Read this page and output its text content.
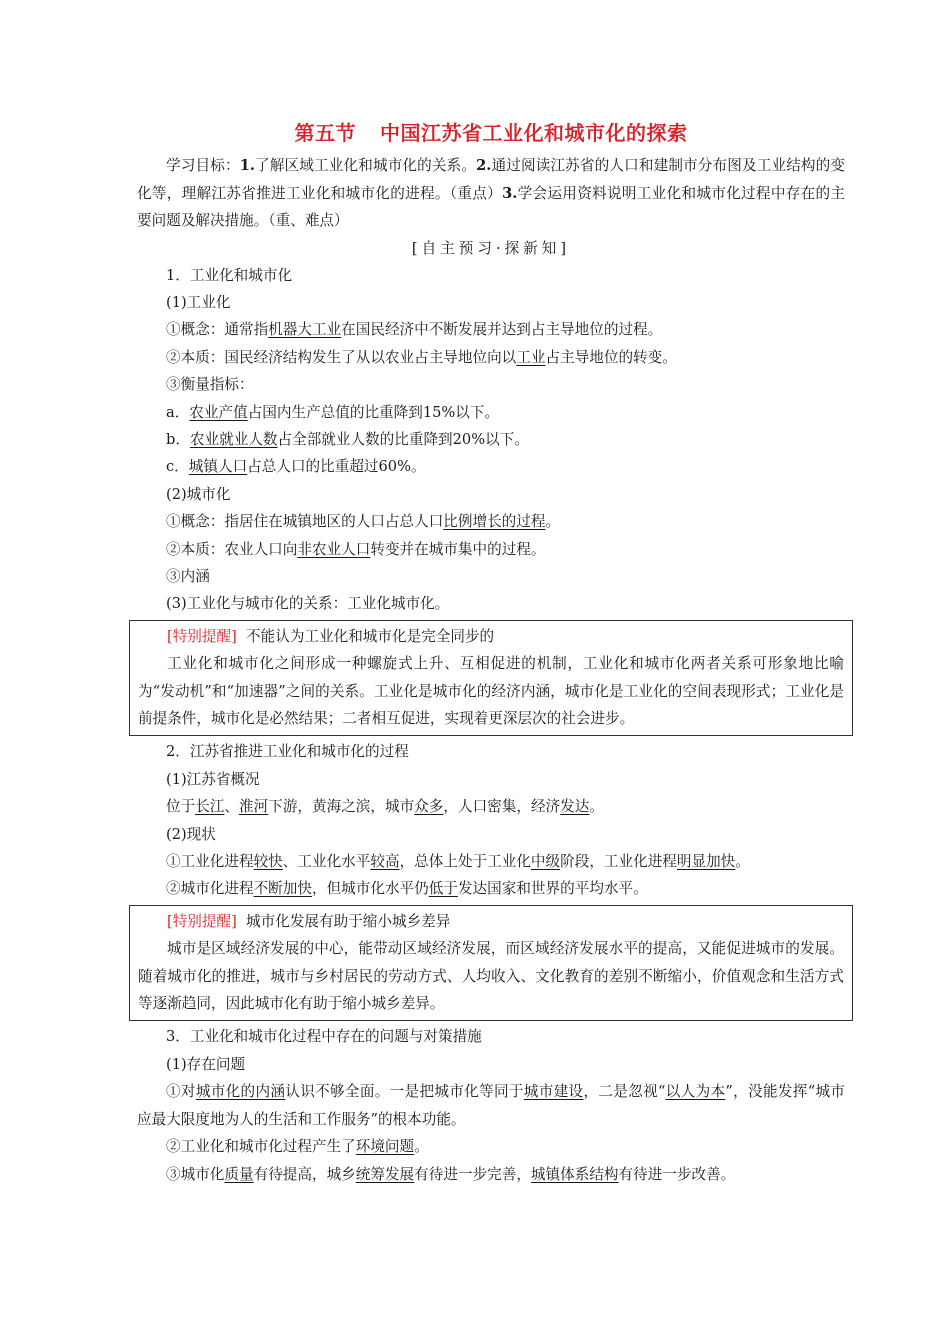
第五节 中国江苏省工业化和城市化的探索

学习目标：1.了解区域工业化和城市化的关系。2.通过阅读江苏省的人口和建制市分布图及工业结构的变化等，理解江苏省推进工业化和城市化的进程。（重点）3.学会运用资料说明工业化和城市化过程中存在的主要问题及解决措施。（重、难点）

[自主预习·探新知]

1．工业化和城市化

(1)工业化

①概念：通常指机器大工业在国民经济中不断发展并达到占主导地位的过程。

②本质：国民经济结构发生了从以农业占主导地位向以工业占主导地位的转变。

③衡量指标：

a．农业产值占国内生产总值的比重降到15%以下。

b．农业就业人数占全部就业人数的比重降到20%以下。

c．城镇人口占总人口的比重超过60%。

(2)城市化

①概念：指居住在城镇地区的人口占总人口比例增长的过程。

②本质：农业人口向非农业人口转变并在城市集中的过程。

③内涵

(3)工业化与城市化的关系：工业化城市化。

[特别提醒] 不能认为工业化和城市化是完全同步的

工业化和城市化之间形成一种螺旋式上升、互相促进的机制，工业化和城市化两者关系可形象地比喻为“发动机”和“加速器”之间的关系。工业化是城市化的经济内涵，城市化是工业化的空间表现形式；工业化是前提条件，城市化是必然结果；二者相互促进，实现着更深层次的社会进步。

2．江苏省推进工业化和城市化的过程

(1)江苏省概况

位于长江、淮河下游，黄海之滨，城市众多，人口密集，经济发达。

(2)现状

①工业化进程较快、工业化水平较高，总体上处于工业化中级阶段，工业化进程明显加快。

②城市化进程不断加快，但城市化水平仍低于发达国家和世界的平均水平。

[特别提醒] 城市化发展有助于缩小城乡差异

城市是区域经济发展的中心，能带动区域经济发展，而区域经济发展水平的提高，又能促进城市的发展。随着城市化的推进，城市与乡村居民的劳动方式、人均收入、文化教育的差别不断缩小，价值观念和生活方式等逐渐趋同，因此城市化有助于缩小城乡差异。

3．工业化和城市化过程中存在的问题与对策措施

(1)存在问题

①对城市化的内涵认识不够全面。一是把城市化等同于城市建设，二是忽视“以人为本”，没能发挥“城市应最大限度地为人的生活和工作服务”的根本功能。

②工业化和城市化过程产生了环境问题。

③城市化质量有待提高，城乡统筹发展有待进一步完善，城镇体系结构有待进一步改善。
